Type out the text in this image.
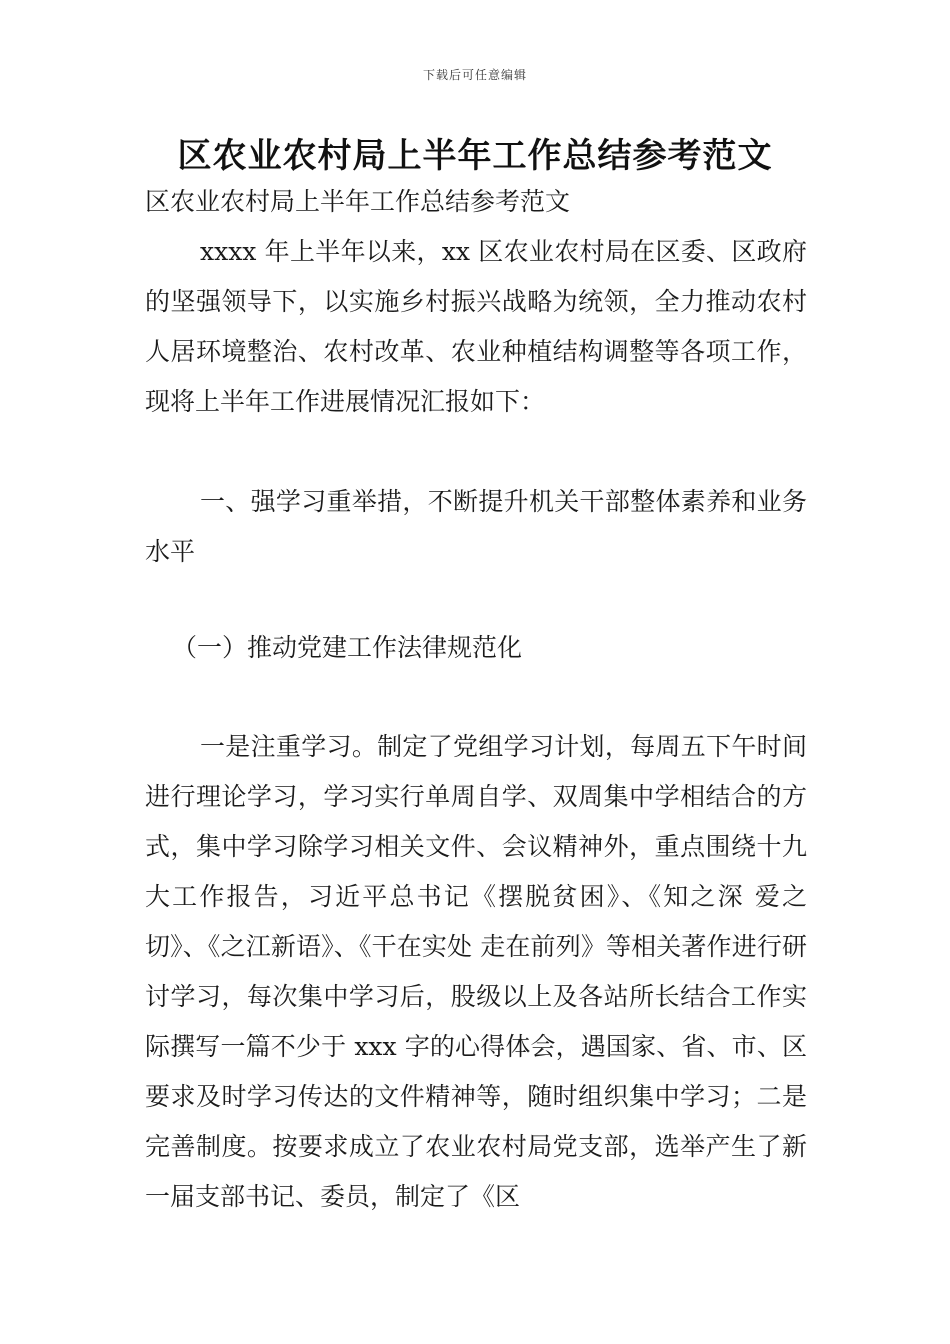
下载后可任意编辑
区农业农村局上半年工作总结参考范文

区农业农村局上半年工作总结参考范文

xxxx 年上半年以来，xx 区农业农村局在区委、区政府的坚强领导下，以实施乡村振兴战略为统领，全力推动农村人居环境整治、农村改革、农业种植结构调整等各项工作，现将上半年工作进展情况汇报如下：

一、强学习重举措，不断提升机关干部整体素养和业务水平

（一）推动党建工作法律规范化

一是注重学习。制定了党组学习计划，每周五下午时间进行理论学习，学习实行单周自学、双周集中学相结合的方式，集中学习除学习相关文件、会议精神外，重点围绕十九大工作报告，习近平总书记《摆脱贫困》、《知之深 爱之切》、《之江新语》、《干在实处 走在前列》等相关著作进行研讨学习，每次集中学习后，股级以上及各站所长结合工作实际撰写一篇不少于 xxx 字的心得体会，遇国家、省、市、区要求及时学习传达的文件精神等，随时组织集中学习；二是完善制度。按要求成立了农业农村局党支部，选举产生了新一届支部书记、委员，制定了《区
